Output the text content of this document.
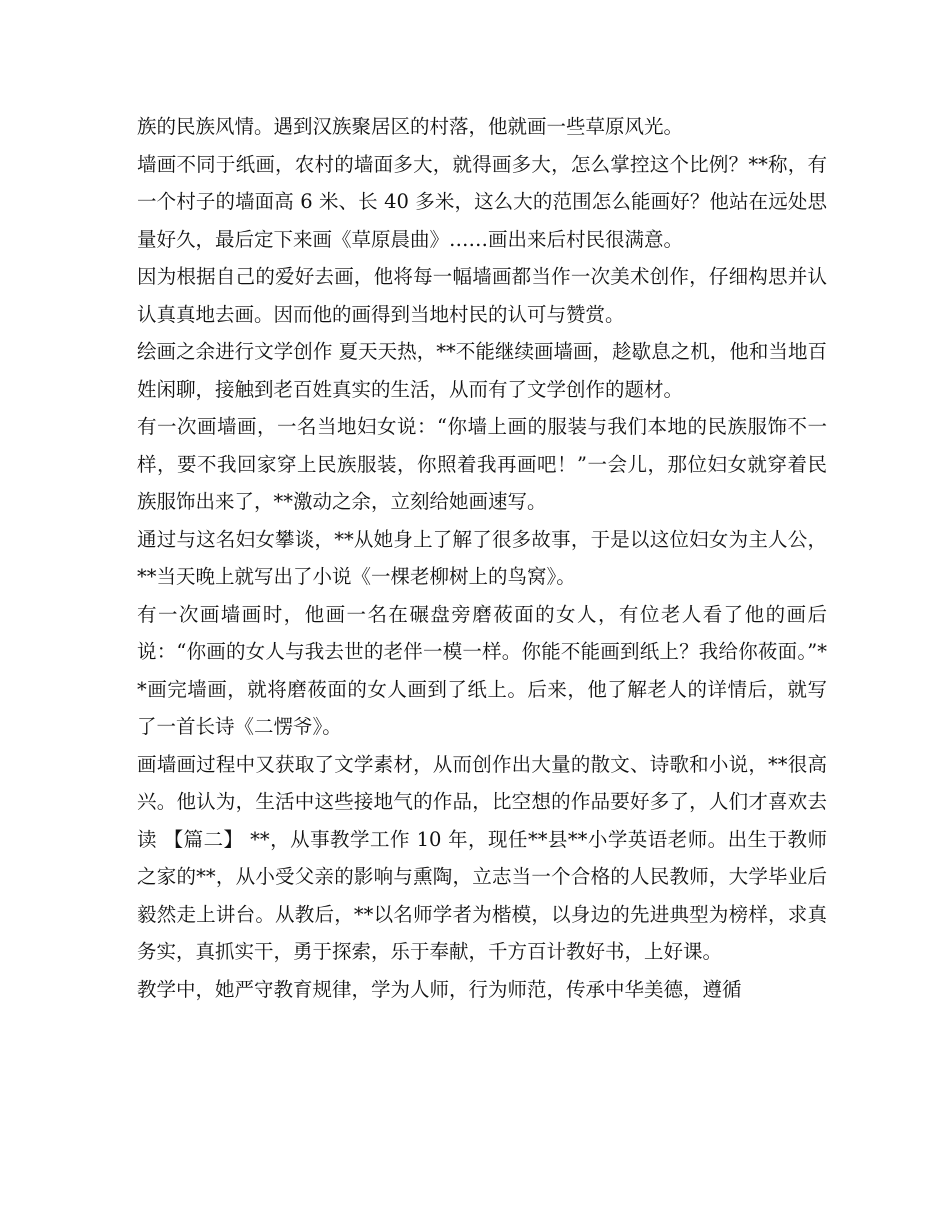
族的民族风情。遇到汉族聚居区的村落，他就画一些草原风光。

墙画不同于纸画，农村的墙面多大，就得画多大，怎么掌控这个比例？**称，有一个村子的墙面高 6 米、长 40 多米，这么大的范围怎么能画好？他站在远处思量好久，最后定下来画《草原晨曲》……画出来后村民很满意。

因为根据自己的爱好去画，他将每一幅墙画都当作一次美术创作，仔细构思并认认真真地去画。因而他的画得到当地村民的认可与赞赏。

绘画之余进行文学创作 夏天天热，**不能继续画墙画，趁歇息之机，他和当地百姓闲聊，接触到老百姓真实的生活，从而有了文学创作的题材。

有一次画墙画，一名当地妇女说：“你墙上画的服装与我们本地的民族服饰不一样，要不我回家穿上民族服装，你照着我再画吧！”一会儿，那位妇女就穿着民族服饰出来了，**激动之余，立刻给她画速写。

通过与这名妇女攀谈，**从她身上了解了很多故事，于是以这位妇女为主人公，**当天晚上就写出了小说《一棵老柳树上的鸟窝》。

有一次画墙画时，他画一名在碾盘旁磨莜面的女人，有位老人看了他的画后说：“你画的女人与我去世的老伴一模一样。你能不能画到纸上？我给你莜面。”**画完墙画，就将磨莜面的女人画到了纸上。后来，他了解老人的详情后，就写了一首长诗《二愣爷》。

画墙画过程中又获取了文学素材，从而创作出大量的散文、诗歌和小说，**很高兴。他认为，生活中这些接地气的作品，比空想的作品要好多了，人们才喜欢去读 【篇二】 **，从事教学工作 10 年，现任**县**小学英语老师。出生于教师之家的**，从小受父亲的影响与熏陶，立志当一个合格的人民教师，大学毕业后毅然走上讲台。从教后，**以名师学者为楷模，以身边的先进典型为榜样，求真务实，真抓实干，勇于探索，乐于奉献，千方百计教好书，上好课。

教学中，她严守教育规律，学为人师，行为师范，传承中华美德，遵循
